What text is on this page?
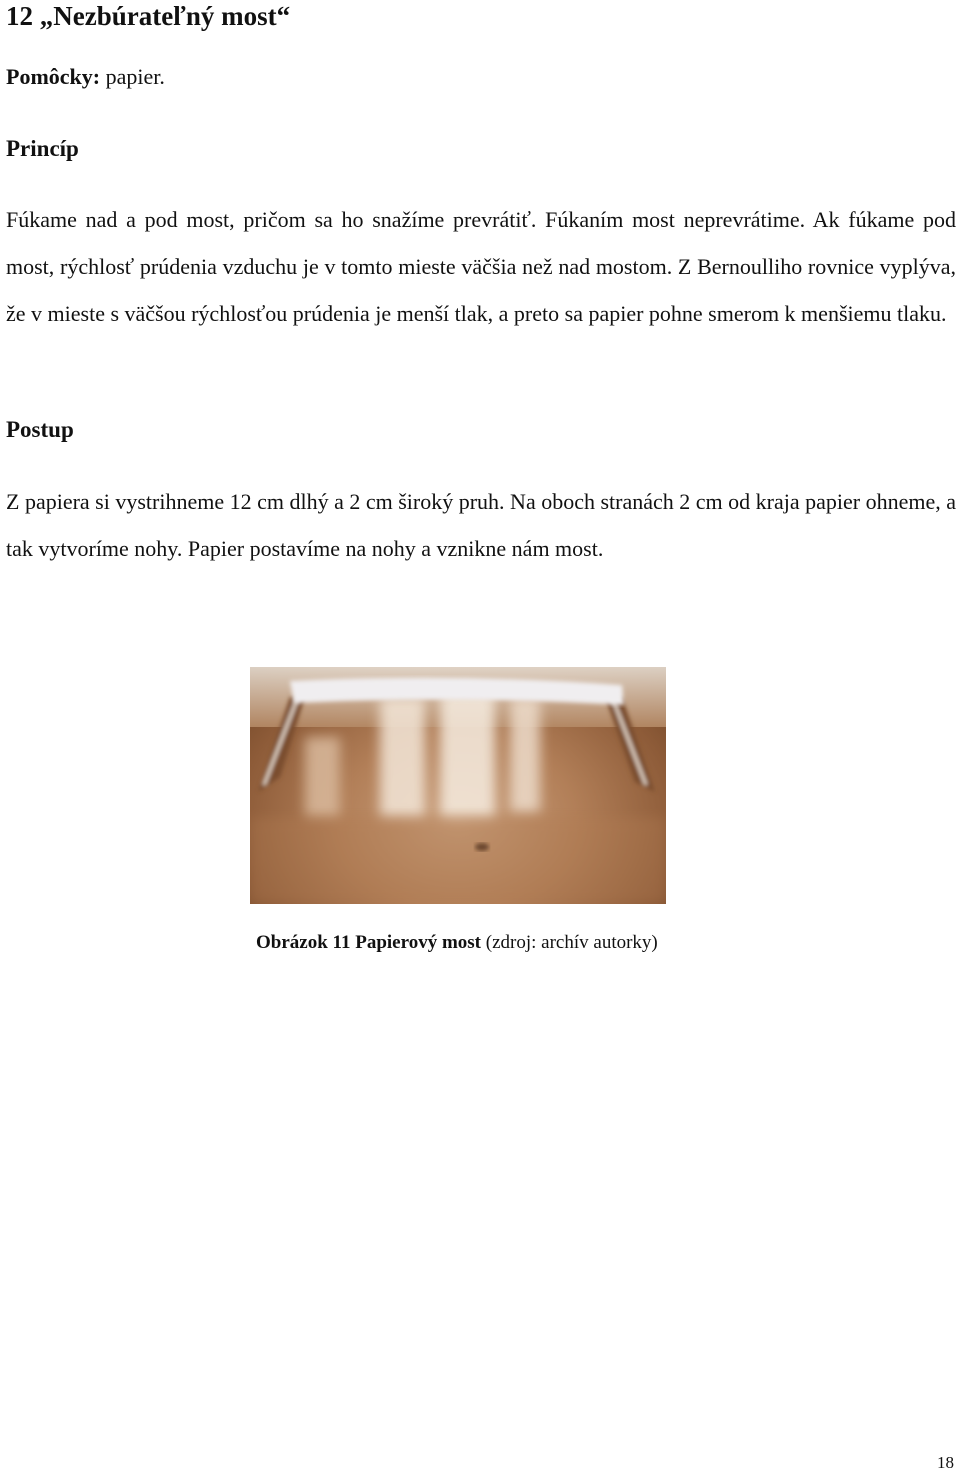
12 „Nezbúrateľný most“

Pomôcky: papier.

Princíp

Fúkame nad a pod most, pričom sa ho snažíme prevrátiť. Fúkaním most neprevrátime. Ak fúkame pod most, rýchlosť prúdenia vzduchu je v tomto mieste väčšia než nad mostom. Z Bernoulliho rovnice vyplýva, že v mieste s väčšou rýchlosťou prúdenia je menší tlak, a preto sa papier pohne smerom k menšiemu tlaku.

Postup

Z papiera si vystrihneme 12 cm dlhý a 2 cm široký pruh. Na oboch stranách 2 cm od kraja papier ohneme, a tak vytvoríme nohy. Papier postavíme na nohy a vznikne nám most.

Obrázok 11 Papierový most (zdroj: archív autorky)

18
